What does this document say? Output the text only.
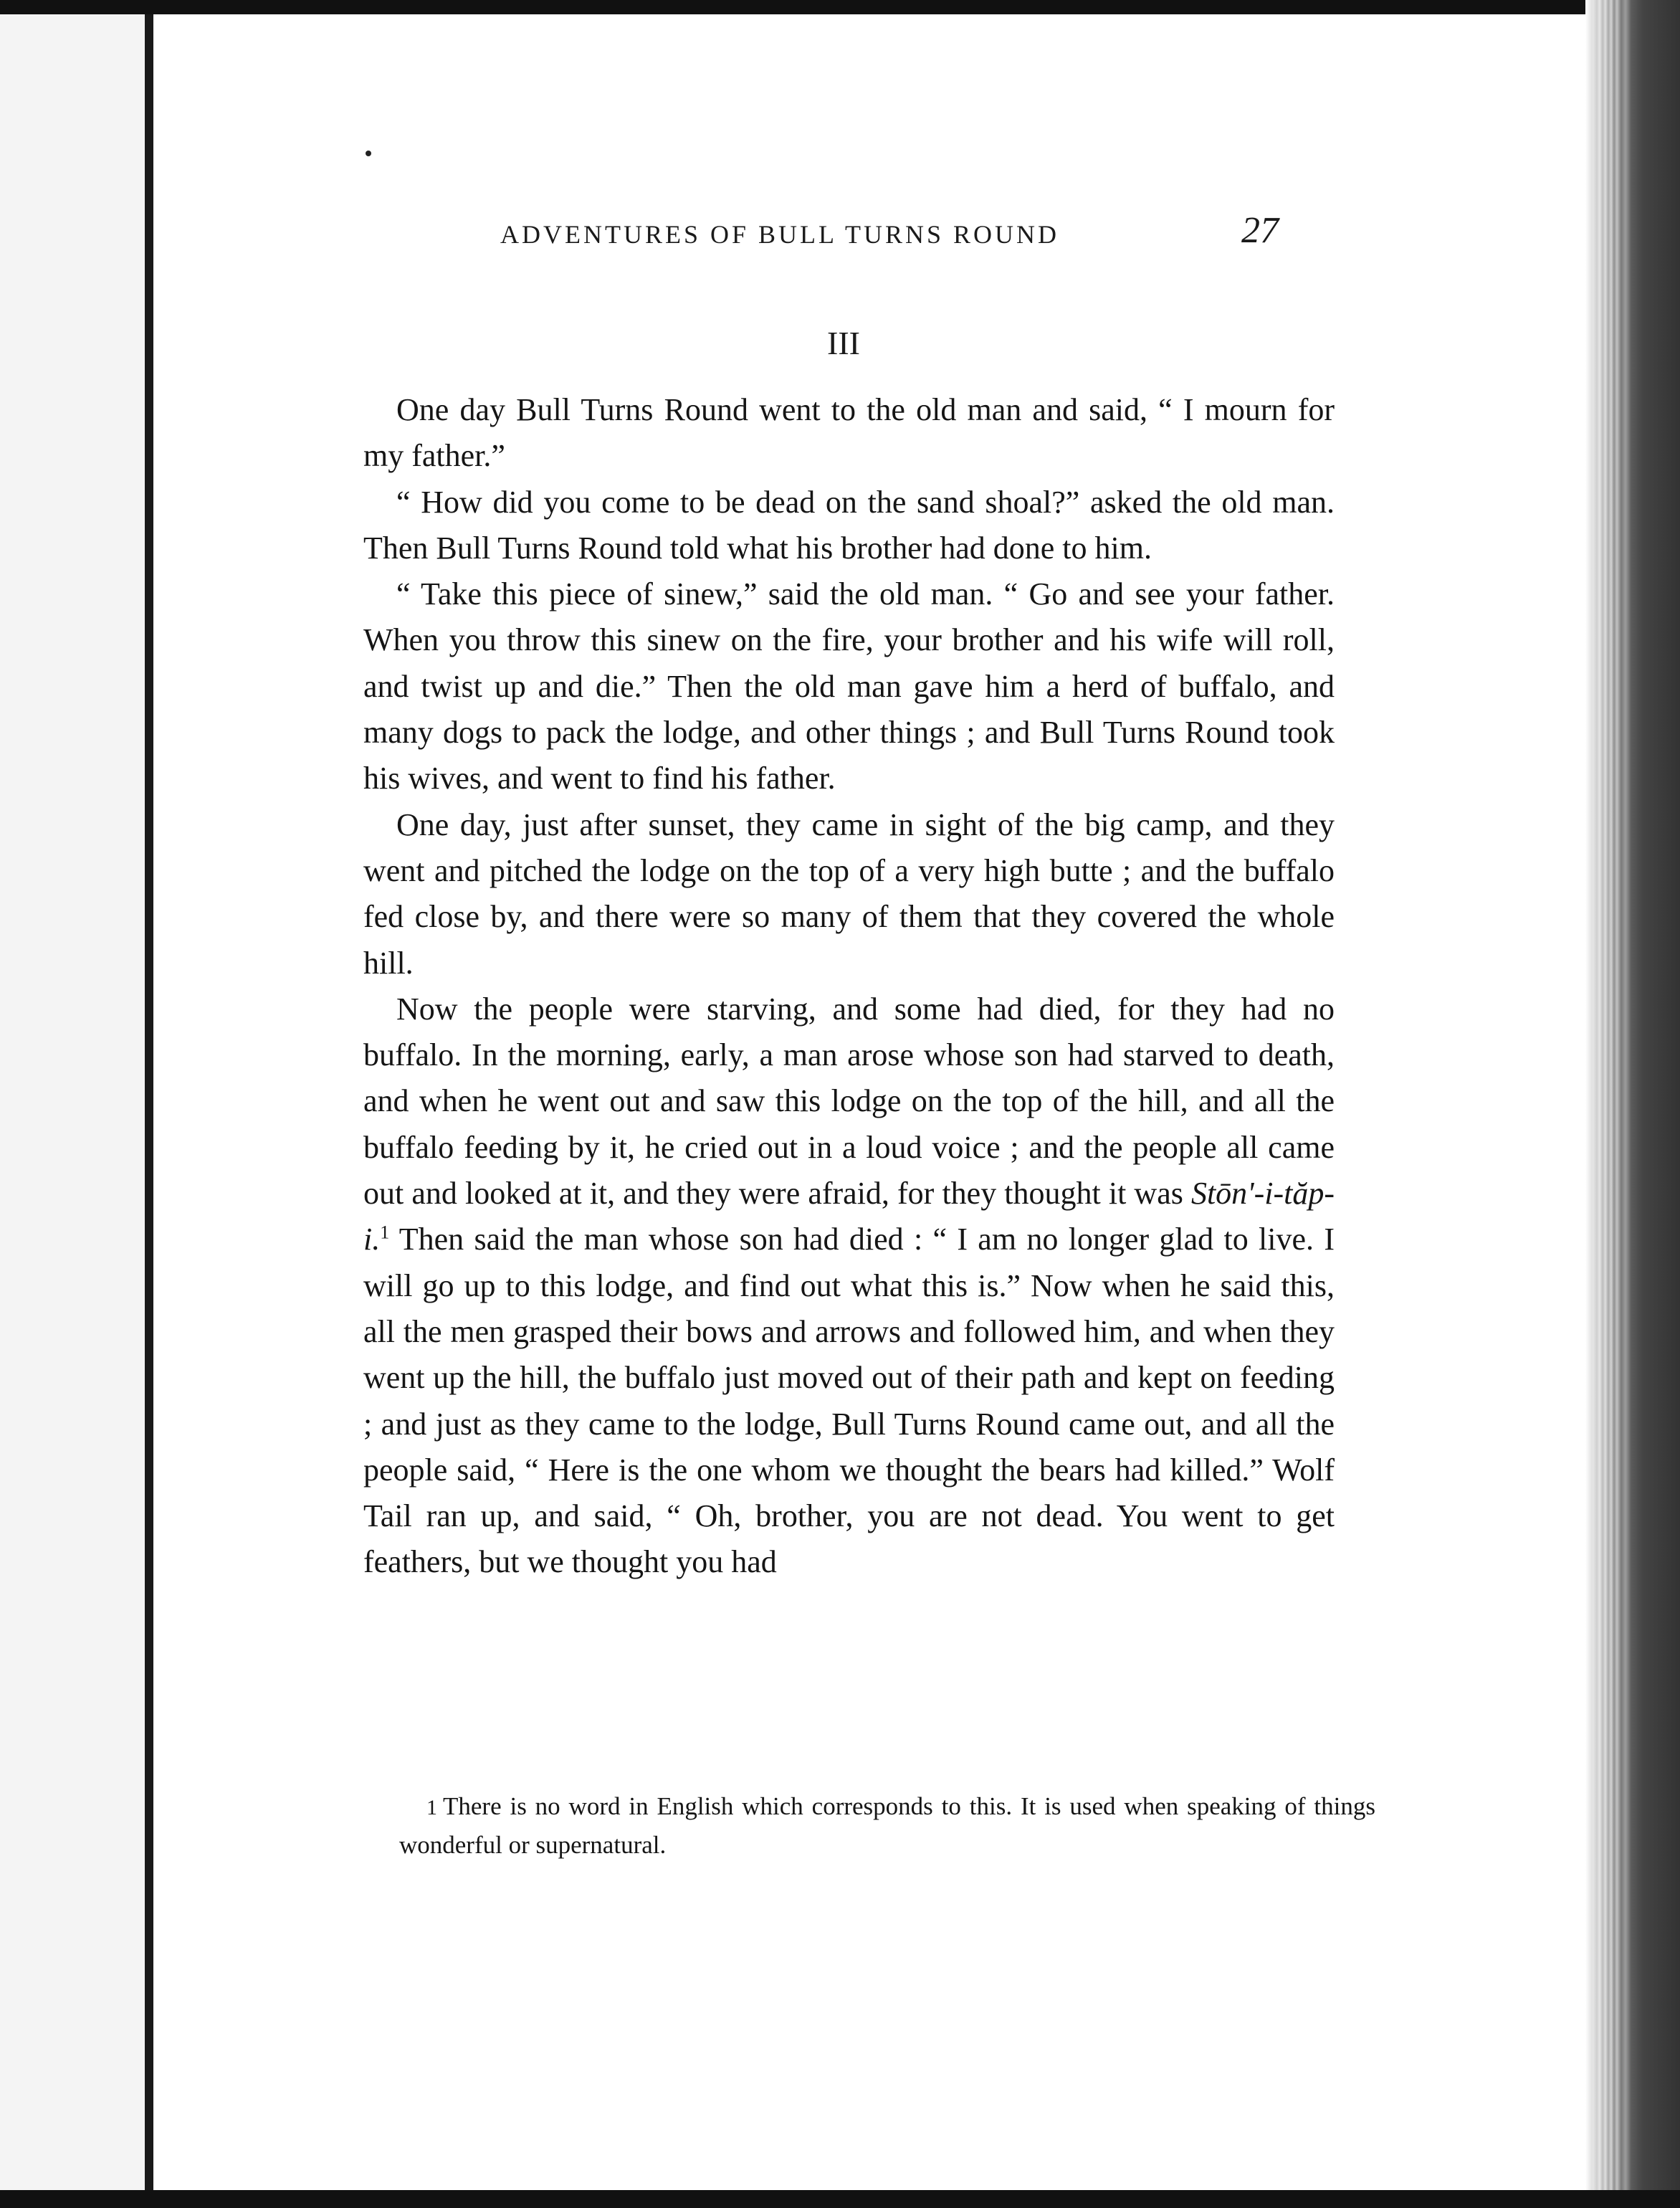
ADVENTURES OF BULL TURNS ROUND	27
III

One day Bull Turns Round went to the old man and said, “ I mourn for my father.”

“ How did you come to be dead on the sand shoal?” asked the old man. Then Bull Turns Round told what his brother had done to him.

“ Take this piece of sinew,” said the old man. “ Go and see your father. When you throw this sinew on the fire, your brother and his wife will roll, and twist up and die.” Then the old man gave him a herd of buffalo, and many dogs to pack the lodge, and other things ; and Bull Turns Round took his wives, and went to find his father.

One day, just after sunset, they came in sight of the big camp, and they went and pitched the lodge on the top of a very high butte ; and the buffalo fed close by, and there were so many of them that they covered the whole hill.

Now the people were starving, and some had died, for they had no buffalo. In the morning, early, a man arose whose son had starved to death, and when he went out and saw this lodge on the top of the hill, and all the buffalo feeding by it, he cried out in a loud voice ; and the people all came out and looked at it, and they were afraid, for they thought it was Stōn'-i-tăp-i.$^1$ Then said the man whose son had died : “ I am no longer glad to live. I will go up to this lodge, and find out what this is.” Now when he said this, all the men grasped their bows and arrows and followed him, and when they went up the hill, the buffalo just moved out of their path and kept on feeding ; and just as they came to the lodge, Bull Turns Round came out, and all the people said, “ Here is the one whom we thought the bears had killed.” Wolf Tail ran up, and said, “ Oh, brother, you are not dead. You went to get feathers, but we thought you had

1 There is no word in English which corresponds to this. It is used when speaking of things wonderful or supernatural.
